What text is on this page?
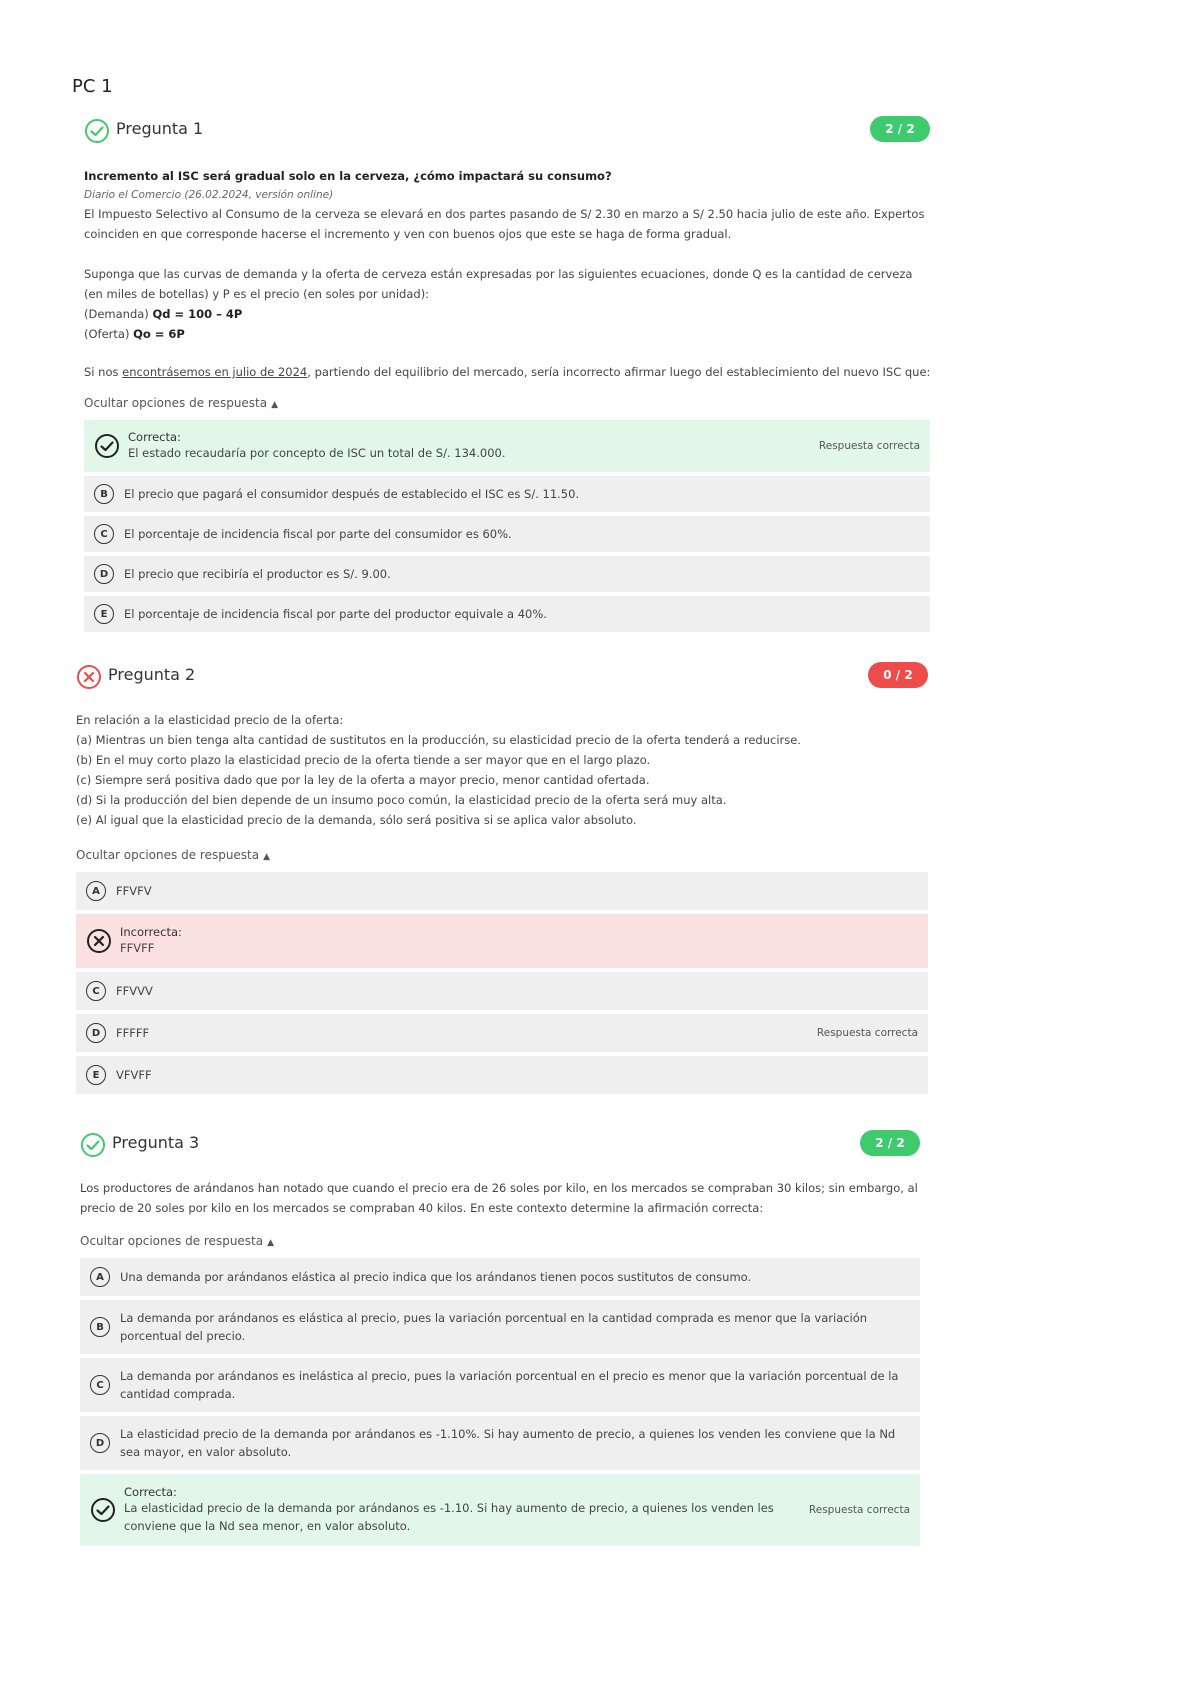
PC 1
Pregunta 1	2 / 2
Incremento al ISC será gradual solo en la cerveza, ¿cómo impactará su consumo?
Diario el Comercio (26.02.2024, versión online)
El Impuesto Selectivo al Consumo de la cerveza se elevará en dos partes pasando de S/ 2.30 en marzo a S/ 2.50 hacia julio de este año. Expertos coinciden en que corresponde hacerse el incremento y ven con buenos ojos que este se haga de forma gradual.
Suponga que las curvas de demanda y la oferta de cerveza están expresadas por las siguientes ecuaciones, donde Q es la cantidad de cerveza (en miles de botellas) y P es el precio (en soles por unidad):
(Demanda) Qd = 100 – 4P
(Oferta) Qo = 6P
Si nos encontrásemos en julio de 2024, partiendo del equilibrio del mercado, sería incorrecto afirmar luego del establecimiento del nuevo ISC que:
Ocultar opciones de respuesta ▲
Correcta:
El estado recaudaría por concepto de ISC un total de S/. 134.000.	Respuesta correcta
B	El precio que pagará el consumidor después de establecido el ISC es S/. 11.50.
C	El porcentaje de incidencia fiscal por parte del consumidor es 60%.
D	El precio que recibiría el productor es S/. 9.00.
E	El porcentaje de incidencia fiscal por parte del productor equivale a 40%.
Pregunta 2	0 / 2
En relación a la elasticidad precio de la oferta:
(a) Mientras un bien tenga alta cantidad de sustitutos en la producción, su elasticidad precio de la oferta tenderá a reducirse.
(b) En el muy corto plazo la elasticidad precio de la oferta tiende a ser mayor que en el largo plazo.
(c) Siempre será positiva dado que por la ley de la oferta a mayor precio, menor cantidad ofertada.
(d) Si la producción del bien depende de un insumo poco común, la elasticidad precio de la oferta será muy alta.
(e) Al igual que la elasticidad precio de la demanda, sólo será positiva si se aplica valor absoluto.
Ocultar opciones de respuesta ▲
A	FFVFV
Incorrecta:
FFVFF
C	FFVVV
D	FFFFF	Respuesta correcta
E	VFVFF
Pregunta 3	2 / 2
Los productores de arándanos han notado que cuando el precio era de 26 soles por kilo, en los mercados se compraban 30 kilos; sin embargo, al precio de 20 soles por kilo en los mercados se compraban 40 kilos. En este contexto determine la afirmación correcta:
Ocultar opciones de respuesta ▲
A	Una demanda por arándanos elástica al precio indica que los arándanos tienen pocos sustitutos de consumo.
B
La demanda por arándanos es elástica al precio, pues la variación porcentual en la cantidad comprada es menor que la variación porcentual del precio.
C
La demanda por arándanos es inelástica al precio, pues la variación porcentual en el precio es menor que la variación porcentual de la cantidad comprada.
D
La elasticidad precio de la demanda por arándanos es -1.10%. Si hay aumento de precio, a quienes los venden les conviene que la Nd sea mayor, en valor absoluto.
Correcta:
La elasticidad precio de la demanda por arándanos es -1.10. Si hay aumento de precio, a quienes los venden les conviene que la Nd sea menor, en valor absoluto.
Respuesta correcta
